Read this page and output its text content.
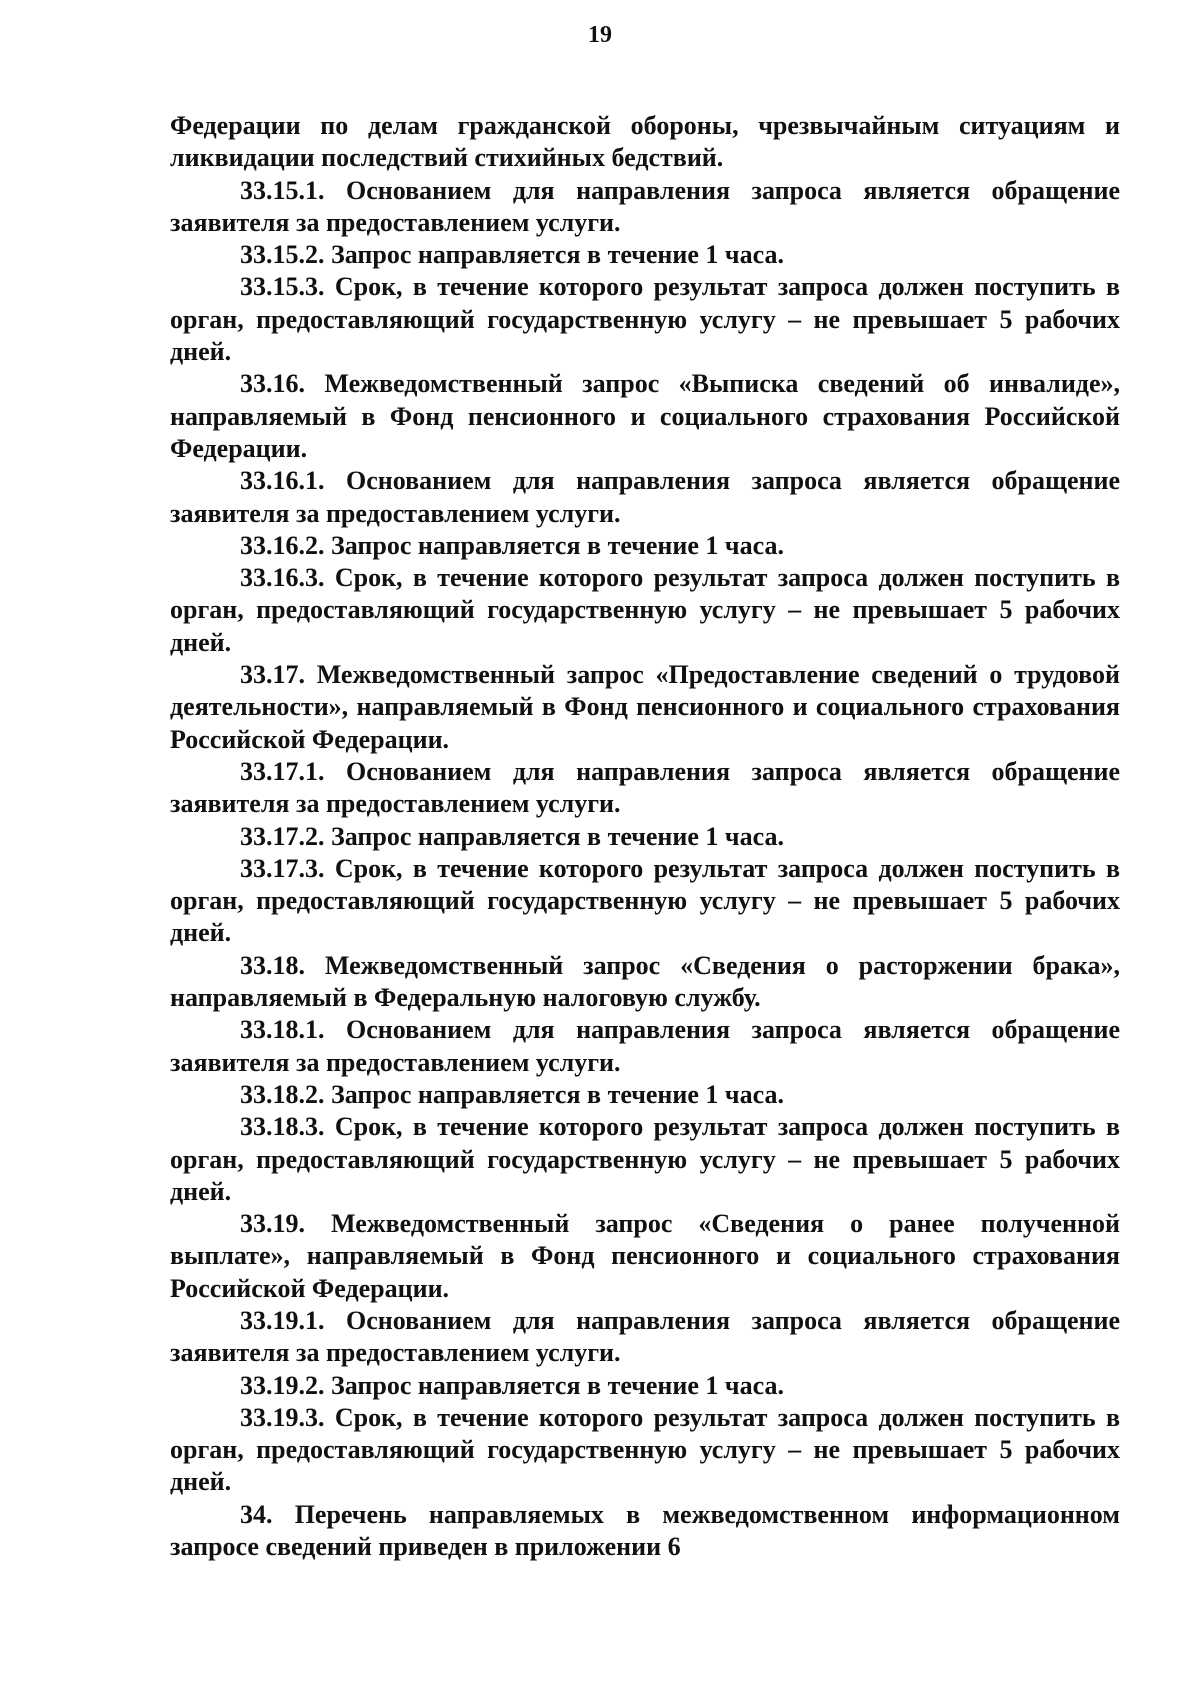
19

Федерации по делам гражданской обороны, чрезвычайным ситуациям и ликвидации последствий стихийных бедствий.

33.15.1. Основанием для направления запроса является обращение заявителя за предоставлением услуги.

33.15.2. Запрос направляется в течение 1 часа.

33.15.3. Срок, в течение которого результат запроса должен поступить в орган, предоставляющий государственную услугу – не превышает 5 рабочих дней.

33.16. Межведомственный запрос «Выписка сведений об инвалиде», направляемый в Фонд пенсионного и социального страхования Российской Федерации.

33.16.1. Основанием для направления запроса является обращение заявителя за предоставлением услуги.

33.16.2. Запрос направляется в течение 1 часа.

33.16.3. Срок, в течение которого результат запроса должен поступить в орган, предоставляющий государственную услугу – не превышает 5 рабочих дней.

33.17. Межведомственный запрос «Предоставление сведений о трудовой деятельности», направляемый в Фонд пенсионного и социального страхования Российской Федерации.

33.17.1. Основанием для направления запроса является обращение заявителя за предоставлением услуги.

33.17.2. Запрос направляется в течение 1 часа.

33.17.3. Срок, в течение которого результат запроса должен поступить в орган, предоставляющий государственную услугу – не превышает 5 рабочих дней.

33.18. Межведомственный запрос «Сведения о расторжении брака», направляемый в Федеральную налоговую службу.

33.18.1. Основанием для направления запроса является обращение заявителя за предоставлением услуги.

33.18.2. Запрос направляется в течение 1 часа.

33.18.3. Срок, в течение которого результат запроса должен поступить в орган, предоставляющий государственную услугу – не превышает 5 рабочих дней.

33.19. Межведомственный запрос «Сведения о ранее полученной выплате», направляемый в Фонд пенсионного и социального страхования Российской Федерации.

33.19.1. Основанием для направления запроса является обращение заявителя за предоставлением услуги.

33.19.2. Запрос направляется в течение 1 часа.

33.19.3. Срок, в течение которого результат запроса должен поступить в орган, предоставляющий государственную услугу – не превышает 5 рабочих дней.

34. Перечень направляемых в межведомственном информационном запросе сведений приведен в приложении 6
